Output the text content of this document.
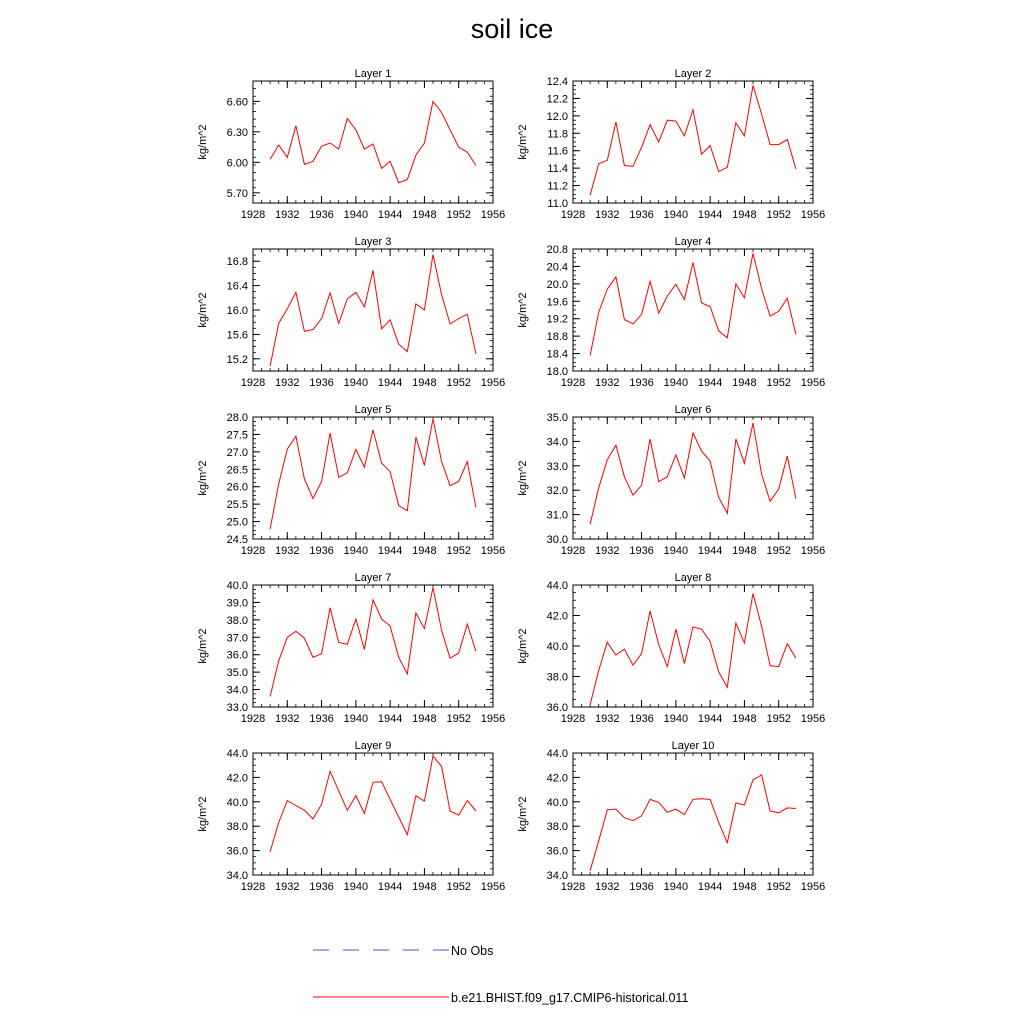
soil ice
1928 1932 1936 1940 1944 1948 1952 1956
5.70
6.00
6.30
6.60
Layer 1
kg/m^2
1928 1932 1936 1940 1944 1948 1952 1956
11.0
11.2
11.4
11.6
11.8
12.0
12.2
12.4
Layer 2
kg/m^2
1928 1932 1936 1940 1944 1948 1952 1956
15.2
15.6
16.0
16.4
16.8
Layer 3
kg/m^2
1928 1932 1936 1940 1944 1948 1952 1956
18.0
18.4
18.8
19.2
19.6
20.0
20.4
20.8
Layer 4
kg/m^2
1928 1932 1936 1940 1944 1948 1952 1956
24.5
25.0
25.5
26.0
26.5
27.0
27.5
28.0
Layer 5
kg/m^2
1928 1932 1936 1940 1944 1948 1952 1956
30.0
31.0
32.0
33.0
34.0
35.0
Layer 6
kg/m^2
1928 1932 1936 1940 1944 1948 1952 1956
33.0
34.0
35.0
36.0
37.0
38.0
39.0
40.0
Layer 7
kg/m^2
1928 1932 1936 1940 1944 1948 1952 1956
36.0
38.0
40.0
42.0
44.0
Layer 8
kg/m^2
1928 1932 1936 1940 1944 1948 1952 1956
34.0
36.0
38.0
40.0
42.0
44.0
Layer 9
kg/m^2
1928 1932 1936 1940 1944 1948 1952 1956
34.0
36.0
38.0
40.0
42.0
44.0
Layer 10
kg/m^2
No Obs
b.e21.BHIST.f09_g17.CMIP6-historical.011
